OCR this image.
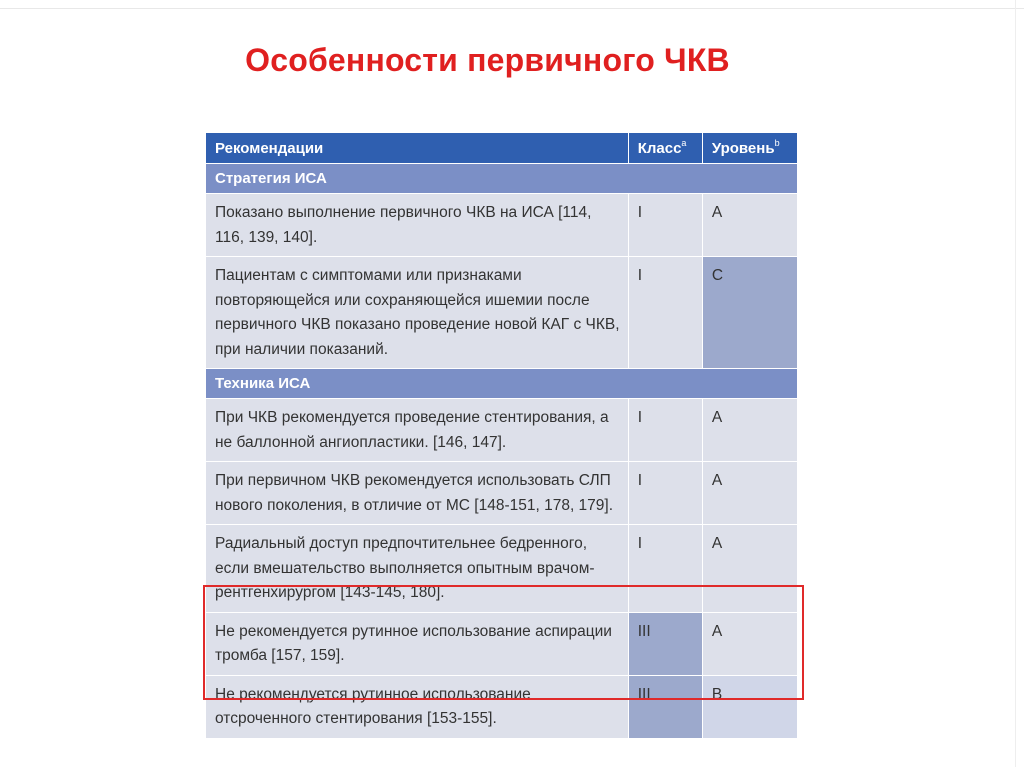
Особенности первичного ЧКВ
Рекомендации	Класс$^a$	Уровень$^b$
Стратегия ИСА		
Показано выполнение первичного ЧКВ на ИСА [114, 116, 139, 140].	I	A
Пациентам с симптомами или признаками повторяющейся или сохраняющейся ишемии после первичного ЧКВ показано проведение новой КАГ с ЧКВ, при наличии показаний.	I	C
Техника ИСА		
При ЧКВ рекомендуется проведение стентирования, а не баллонной ангиопластики. [146, 147].	I	A
При первичном ЧКВ рекомендуется использовать СЛП нового поколения, в отличие от МС [148-151, 178, 179].	I	A
Радиальный доступ предпочтительнее бедренного, если вмешательство выполняется опытным врачом-рентгенхирургом [143-145, 180].	I	A
Не рекомендуется рутинное использование аспирации тромба [157, 159].	III	A
Не рекомендуется рутинное использование отсроченного стентирования [153-155].	III	B
